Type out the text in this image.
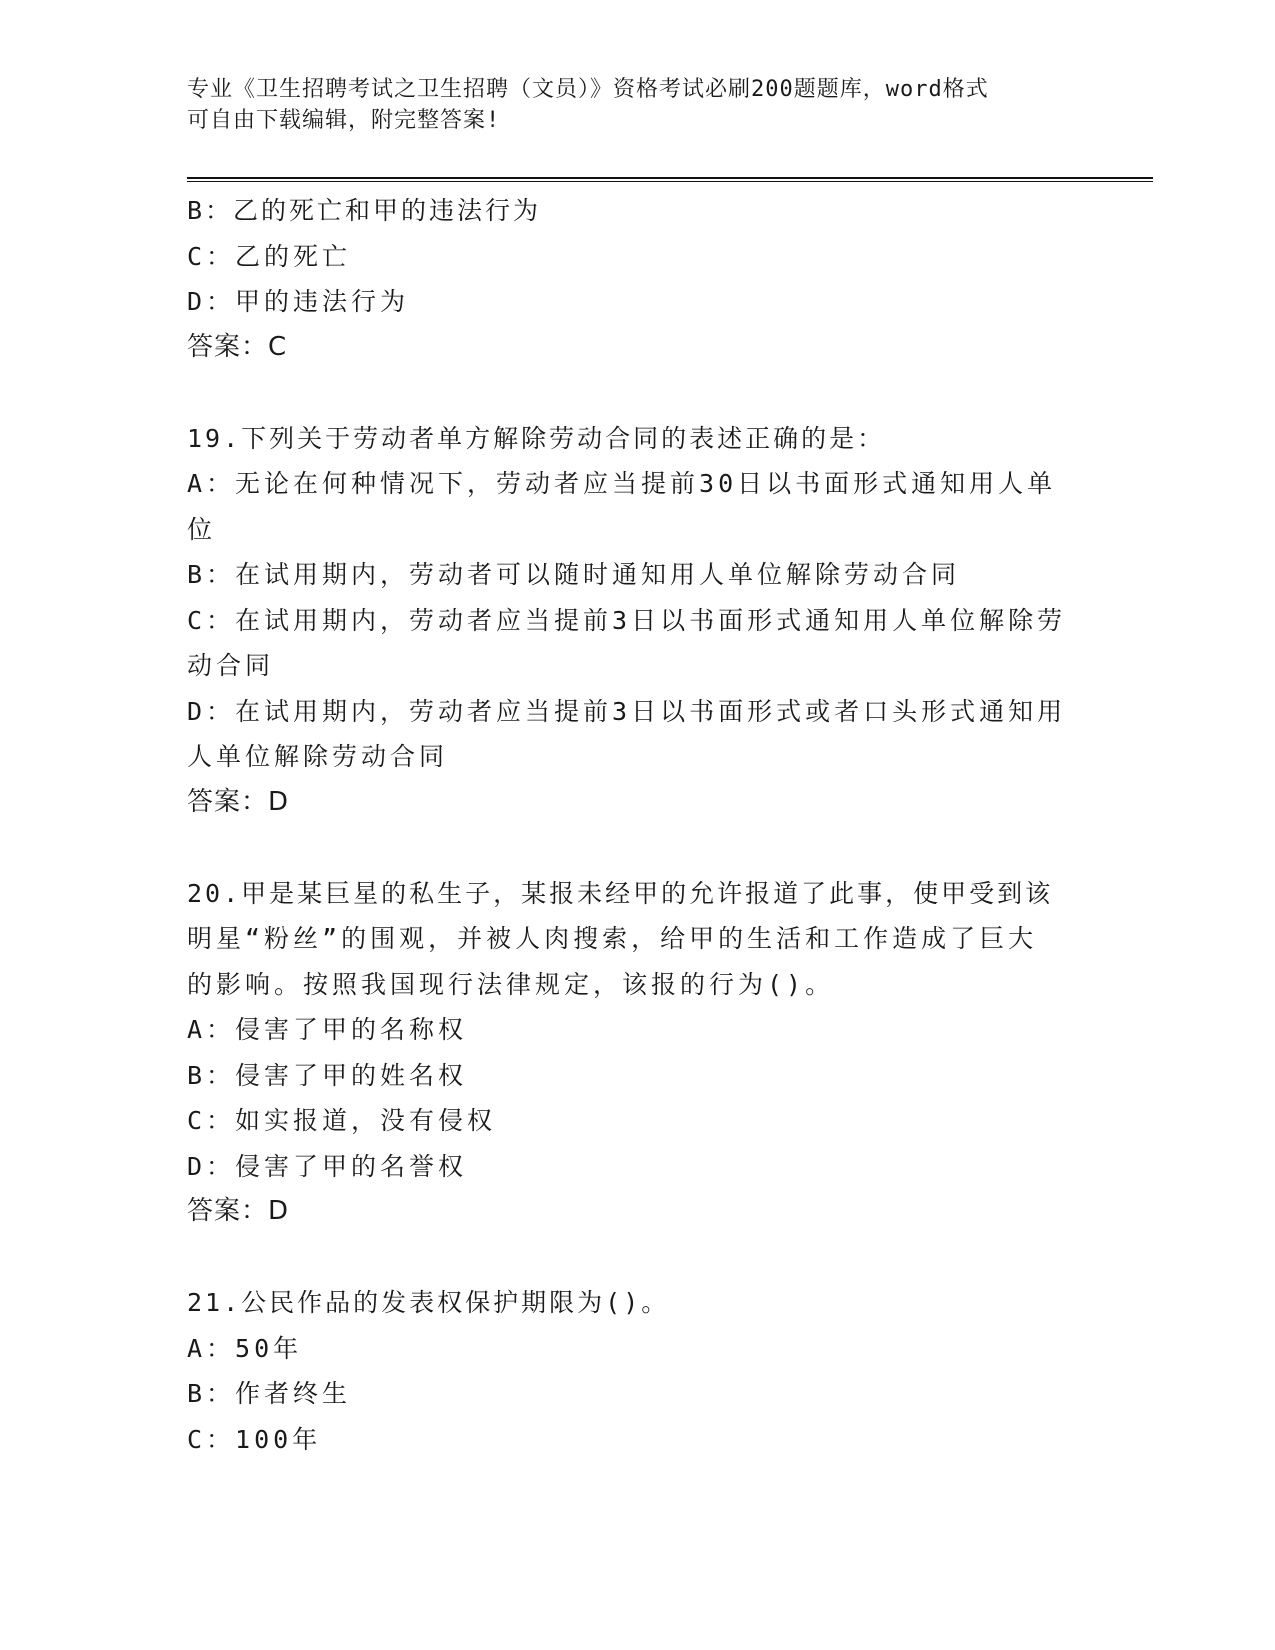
专业《卫生招聘考试之卫生招聘（文员）》资格考试必刷200题题库，word格式
可自由下载编辑，附完整答案!
B：乙的死亡和甲的违法行为
C：乙的死亡
D：甲的违法行为
答案：C
19.下列关于劳动者单方解除劳动合同的表述正确的是：
A：无论在何种情况下，劳动者应当提前30日以书面形式通知用人单
位
B：在试用期内，劳动者可以随时通知用人单位解除劳动合同
C：在试用期内，劳动者应当提前3日以书面形式通知用人单位解除劳
动合同
D：在试用期内，劳动者应当提前3日以书面形式或者口头形式通知用
人单位解除劳动合同
答案：D
20.甲是某巨星的私生子，某报未经甲的允许报道了此事，使甲受到该
明星“粉丝”的围观，并被人肉搜索，给甲的生活和工作造成了巨大
的影响。按照我国现行法律规定，该报的行为()。
A：侵害了甲的名称权
B：侵害了甲的姓名权
C：如实报道，没有侵权
D：侵害了甲的名誉权
答案：D
21.公民作品的发表权保护期限为()。
A：50年
B：作者终生
C：100年
